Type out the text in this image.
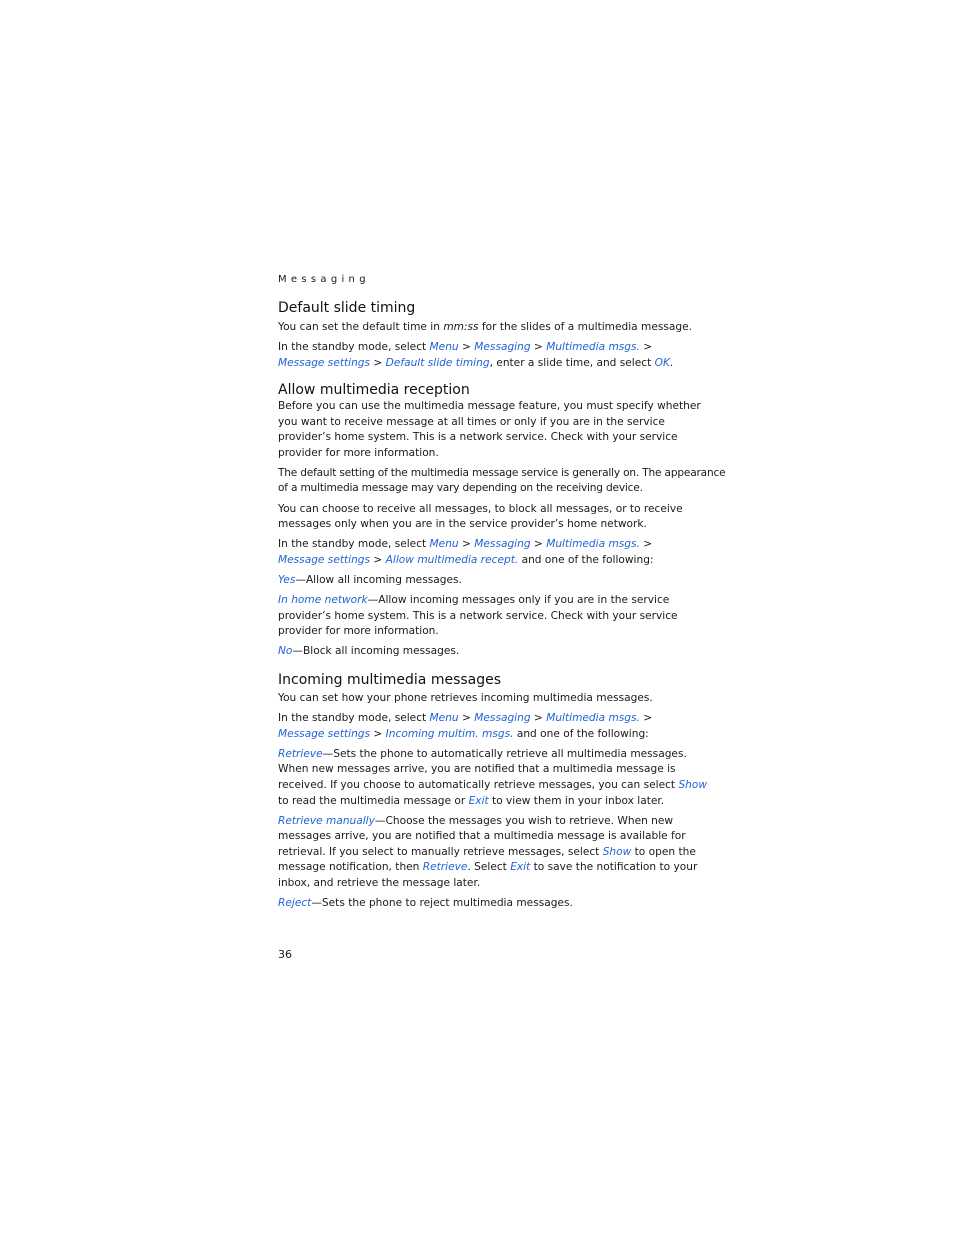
Messaging
Default slide timing

You can set the default time in mm:ss for the slides of a multimedia message.

In the standby mode, select Menu > Messaging > Multimedia msgs. >
Message settings > Default slide timing, enter a slide time, and select OK.

Allow multimedia reception

Before you can use the multimedia message feature, you must specify whether
you want to receive message at all times or only if you are in the service
provider’s home system. This is a network service. Check with your service
provider for more information.

The default setting of the multimedia message service is generally on. The appearance
of a multimedia message may vary depending on the receiving device.

You can choose to receive all messages, to block all messages, or to receive
messages only when you are in the service provider’s home network.

In the standby mode, select Menu > Messaging > Multimedia msgs. >
Message settings > Allow multimedia recept. and one of the following:

Yes—Allow all incoming messages.

In home network—Allow incoming messages only if you are in the service
provider’s home system. This is a network service. Check with your service
provider for more information.

No—Block all incoming messages.

Incoming multimedia messages

You can set how your phone retrieves incoming multimedia messages.

In the standby mode, select Menu > Messaging > Multimedia msgs. >
Message settings > Incoming multim. msgs. and one of the following:

Retrieve—Sets the phone to automatically retrieve all multimedia messages.
When new messages arrive, you are notified that a multimedia message is
received. If you choose to automatically retrieve messages, you can select Show
to read the multimedia message or Exit to view them in your inbox later.

Retrieve manually—Choose the messages you wish to retrieve. When new
messages arrive, you are notified that a multimedia message is available for
retrieval. If you select to manually retrieve messages, select Show to open the
message notification, then Retrieve. Select Exit to save the notification to your
inbox, and retrieve the message later.

Reject—Sets the phone to reject multimedia messages.

36
